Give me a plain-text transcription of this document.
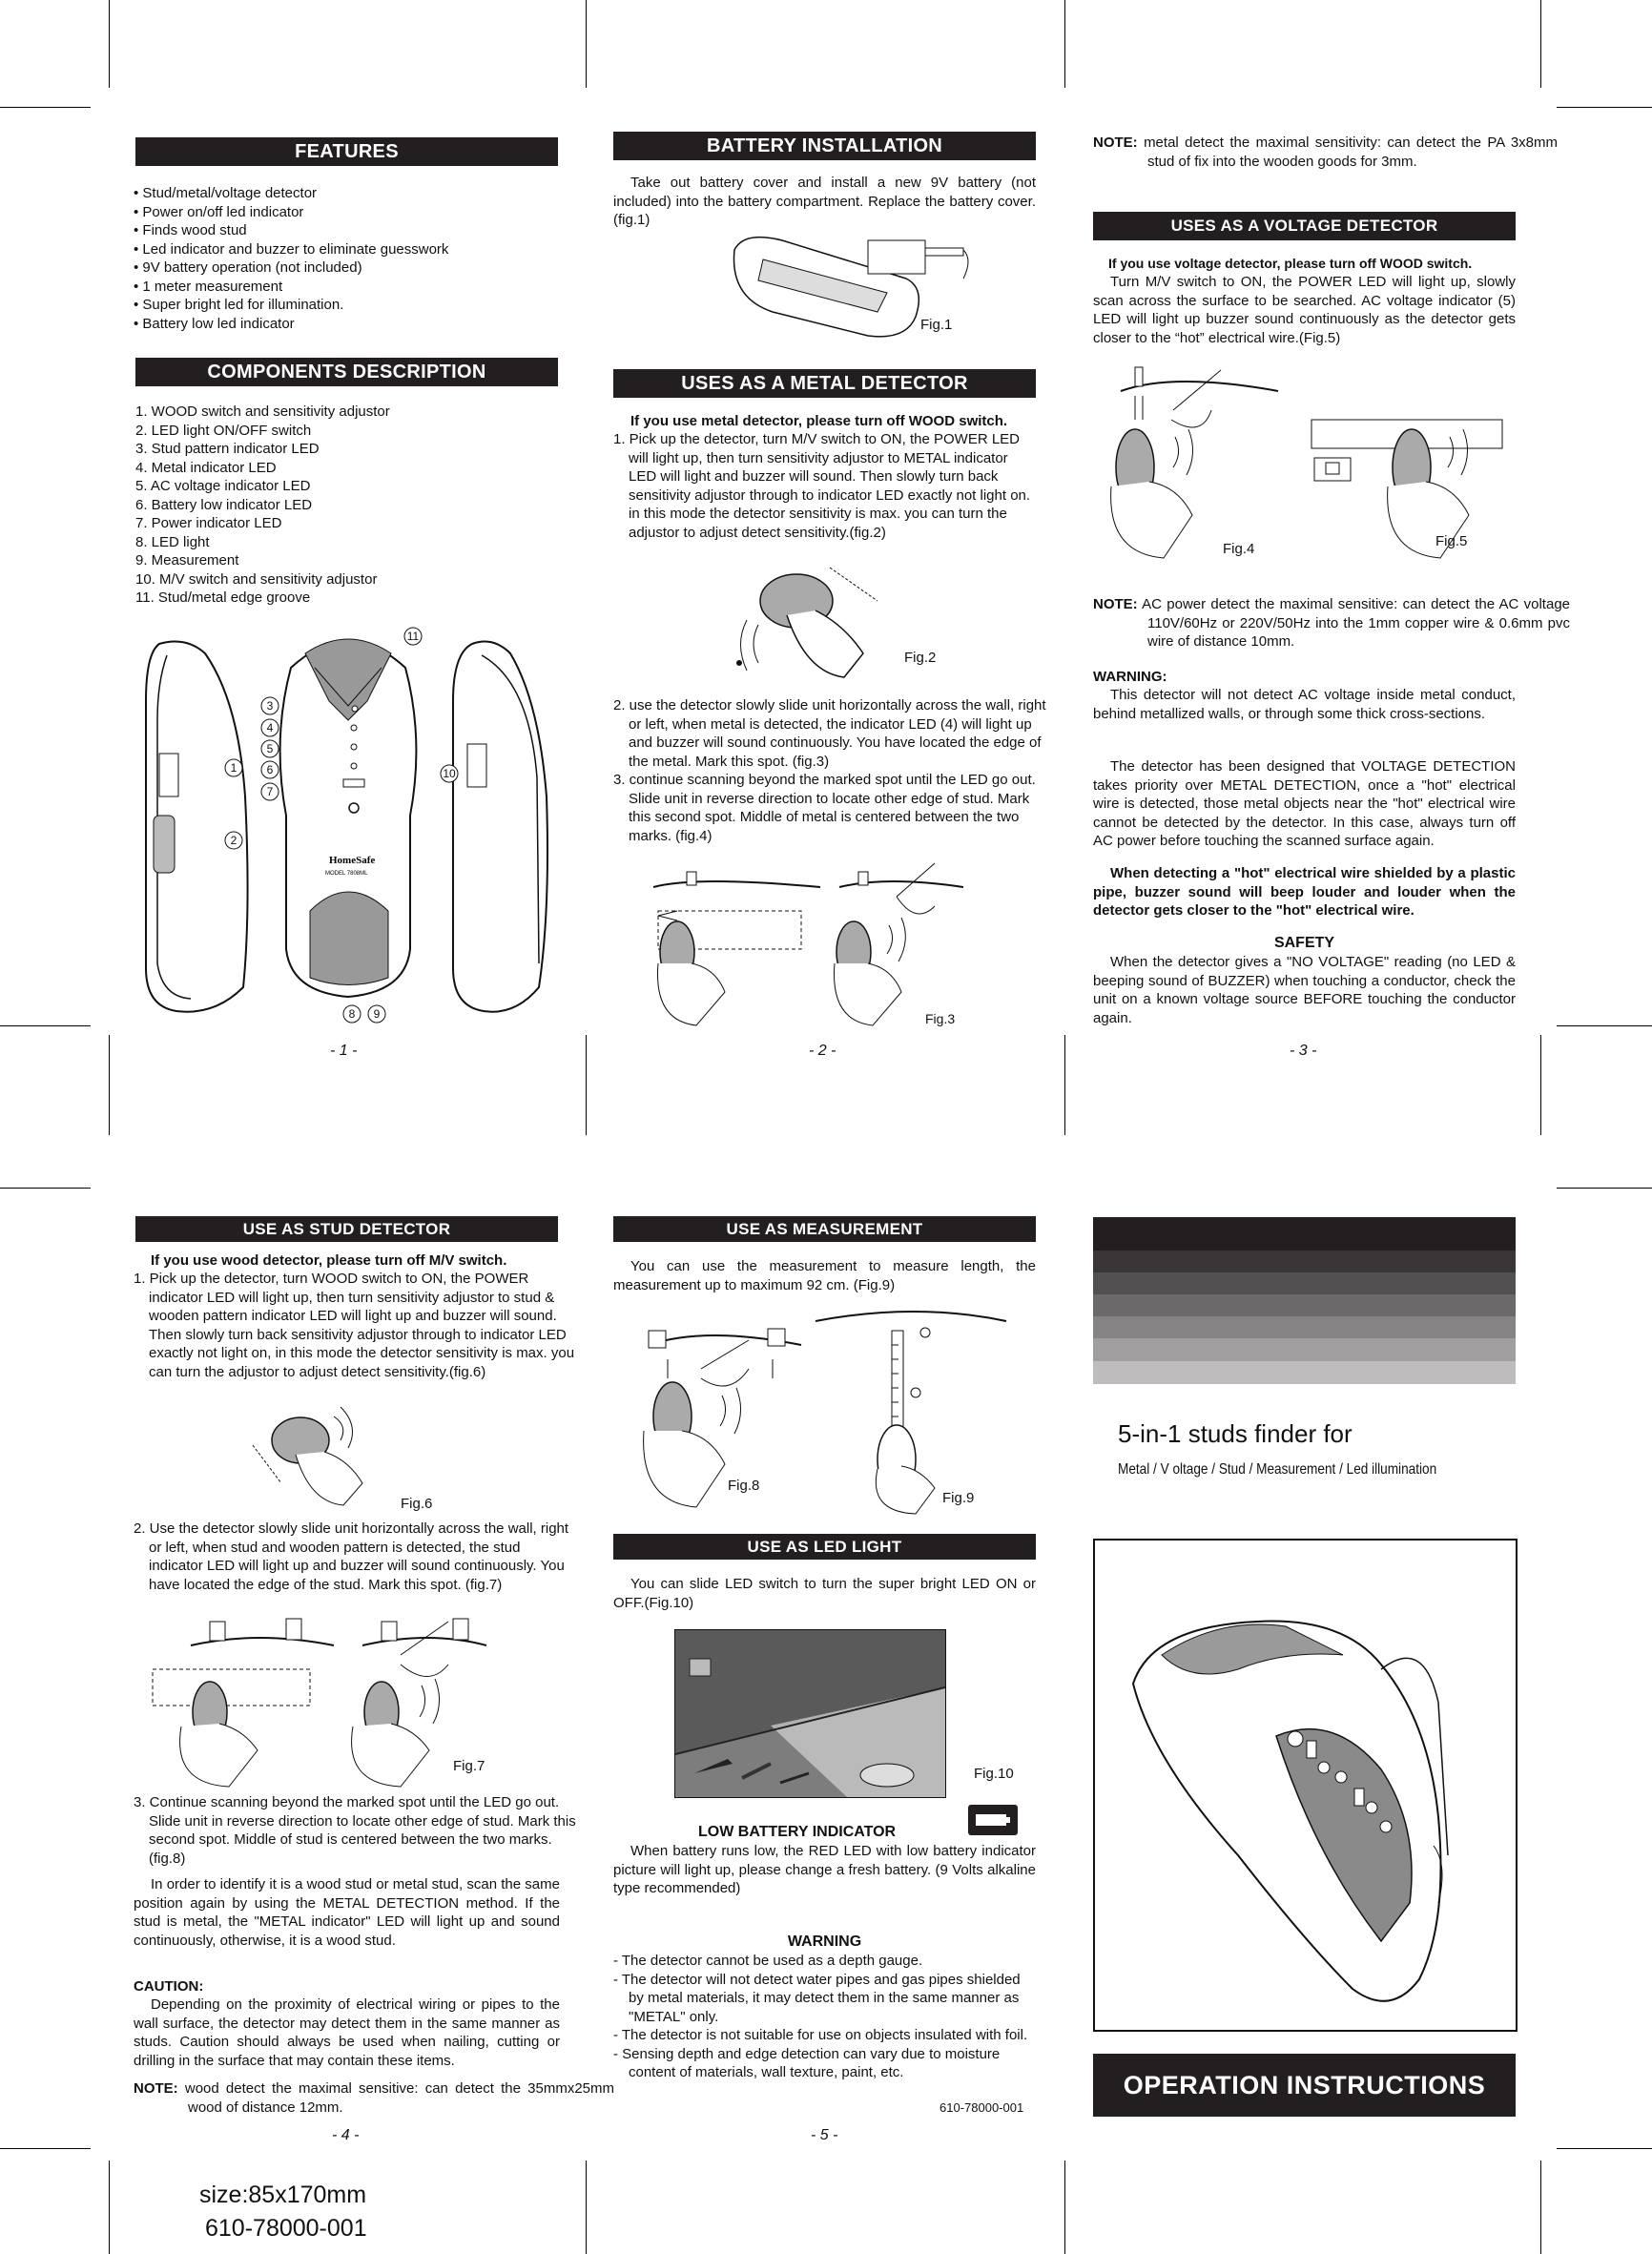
FEATURES
• Stud/metal/voltage detector
• Power on/off led indicator
• Finds wood stud
• Led indicator and buzzer to eliminate guesswork
• 9V battery operation (not included)
• 1 meter measurement
• Super bright led for illumination.
• Battery low led indicator
COMPONENTS DESCRIPTION
1. WOOD switch and sensitivity adjustor
2. LED light ON/OFF switch
3. Stud pattern indicator LED
4. Metal indicator LED
5. AC voltage indicator LED
6. Battery low indicator LED
7. Power indicator LED
8. LED light
9. Measurement
10. M/V switch and sensitivity adjustor
11. Stud/metal edge groove
HomeSafe
MODEL 7808ML
1
2
3
4
5
6
7
8 9
10
11
- 1 -
BATTERY INSTALLATION

Take out battery cover and install a new 9V battery (not included) into the battery compartment. Replace the battery cover. (fig.1)

Fig.1
USES AS A METAL DETECTOR
If you use metal detector, please turn off WOOD switch.

1. Pick up the detector, turn M/V switch to ON, the POWER LED will light up, then turn sensitivity adjustor to METAL indicator LED will light and buzzer will sound. Then slowly turn back sensitivity adjustor through to indicator LED exactly not light on. in this mode the detector sensitivity is max. you can turn the adjustor to adjust detect sensitivity.(fig.2)

Fig.2

2. use the detector slowly slide unit horizontally across the wall, right or left, when metal is detected, the indicator LED (4) will light up and buzzer will sound continuously. You have located the edge of the metal. Mark this spot. (fig.3)

3. continue scanning beyond the marked spot until the LED go out. Slide unit in reverse direction to locate other edge of stud. Mark this second spot. Middle of metal is centered between the two marks. (fig.4)

Fig.3
- 2 -

NOTE: metal detect the maximal sensitivity: can detect the PA 3x8mm stud of fix into the wooden goods for 3mm.

USES AS A VOLTAGE DETECTOR
If you use voltage detector, please turn off WOOD switch.

Turn M/V switch to ON, the POWER LED will light up, slowly scan across the surface to be searched. AC voltage indicator (5) LED will light up buzzer sound continuously as the detector gets closer to the “hot” electrical wire.(Fig.5)

Fig.4	Fig.5

NOTE: AC power detect the maximal sensitive: can detect the AC voltage 110V/60Hz or 220V/50Hz into the 1mm copper wire & 0.6mm pvc wire of distance 10mm.

WARNING:

This detector will not detect AC voltage inside metal conduct, behind metallized walls, or through some thick cross-sections.

The detector has been designed that VOLTAGE DETECTION takes priority over METAL DETECTION, once a "hot" electrical wire is detected, those metal objects near the "hot" electrical wire cannot be detected by the detector. In this case, always turn off AC power before touching the scanned surface again.

When detecting a "hot" electrical wire shielded by a plastic pipe, buzzer sound will beep louder and louder when the detector gets closer to the "hot" electrical wire.

SAFETY

When the detector gives a "NO VOLTAGE" reading (no LED & beeping sound of BUZZER) when touching a conductor, check the unit on a known voltage source BEFORE touching the conductor again.

- 3 -
USE AS STUD DETECTOR
If you use wood detector, please turn off M/V switch.

1. Pick up the detector, turn WOOD switch to ON, the POWER indicator LED will light up, then turn sensitivity adjustor to stud & wooden pattern indicator LED will light up and buzzer will sound. Then slowly turn back sensitivity adjustor through to indicator LED exactly not light on, in this mode the detector sensitivity is max. you can turn the adjustor to adjust detect sensitivity.(fig.6)

Fig.6

2. Use the detector slowly slide unit horizontally across the wall, right or left, when stud and wooden pattern is detected, the stud indicator LED will light up and buzzer will sound continuously. You have located the edge of the stud. Mark this spot. (fig.7)

Fig.7

3. Continue scanning beyond the marked spot until the LED go out. Slide unit in reverse direction to locate other edge of stud. Mark this second spot. Middle of stud is centered between the two marks. (fig.8)

In order to identify it is a wood stud or metal stud, scan the same position again by using the METAL DETECTION method. If the stud is metal, the "METAL indicator" LED will light up and sound continuously, otherwise, it is a wood stud.

CAUTION:

Depending on the proximity of electrical wiring or pipes to the wall surface, the detector may detect them in the same manner as studs. Caution should always be used when nailing, cutting or drilling in the surface that may contain these items.

NOTE: wood detect the maximal sensitive: can detect the 35mmx25mm wood of distance 12mm.

- 4 -
USE AS MEASUREMENT

You can use the measurement to measure length, the measurement up to maximum 92 cm. (Fig.9)

Fig.8
Fig.9
USE AS LED LIGHT

You can slide LED switch to turn the super bright LED ON or OFF.(Fig.10)

Fig.10
LOW BATTERY INDICATOR

When battery runs low, the RED LED with low battery indicator picture will light up, please change a fresh battery. (9 Volts alkaline type recommended)

WARNING

- The detector cannot be used as a depth gauge.

- The detector will not detect water pipes and gas pipes shielded by metal materials, it may detect them in the same manner as "METAL" only.

- The detector is not suitable for use on objects insulated with foil.

- Sensing depth and edge detection can vary due to moisture content of materials, wall texture, paint, etc.

610-78000-001
- 5 -
5-in-1 studs finder for
Metal / V oltage / Stud / Measurement / Led illumination
OPERATION INSTRUCTIONS
size:85x170mm
610-78000-001
